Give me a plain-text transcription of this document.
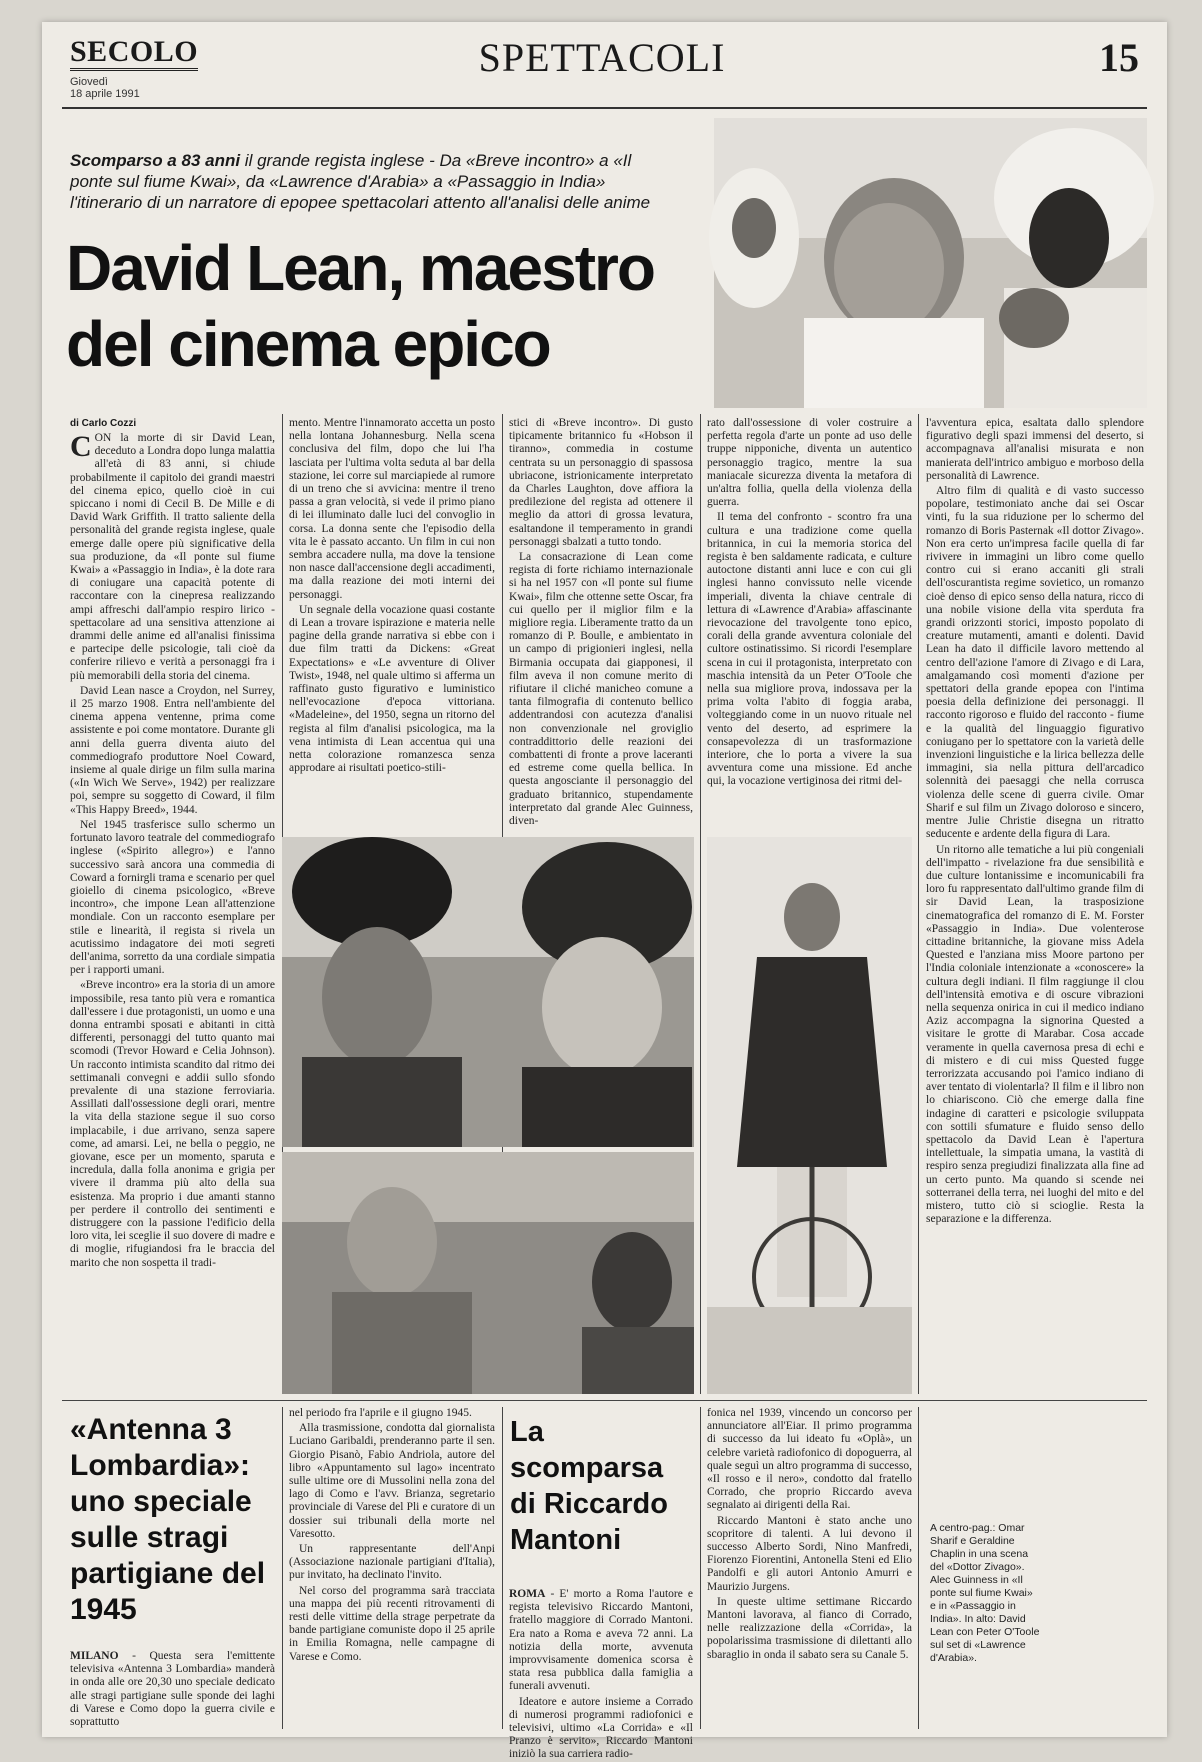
SECOLO
Giovedì
18 aprile 1991
SPETTACOLI	15
Scomparso a 83 anni il grande regista inglese - Da «Breve incontro» a «Il ponte sul fiume Kwai», da «Lawrence d'Arabia» a «Passaggio in India» l'itinerario di un narratore di epopee spettacolari attento all'analisi delle anime
David Lean, maestro
del cinema epico
di Carlo Cozzi

CON la morte di sir David Lean, deceduto a Londra dopo lunga malattia all'età di 83 anni, si chiude probabilmente il capitolo dei grandi maestri del cinema epico, quello cioè in cui spiccano i nomi di Cecil B. De Mille e di David Wark Griffith. Il tratto saliente della personalità del grande regista inglese, quale emerge dalle opere più significative della sua produzione, da «Il ponte sul fiume Kwai» a «Passaggio in India», è la dote rara di coniugare una capacità potente di raccontare con la cinepresa realizzando ampi affreschi dall'ampio respiro lirico - spettacolare ad una sensitiva attenzione ai drammi delle anime ed all'analisi finissima e partecipe delle psicologie, tali cioè da conferire rilievo e verità a personaggi fra i più memorabili della storia del cinema.

David Lean nasce a Croydon, nel Surrey, il 25 marzo 1908. Entra nell'ambiente del cinema appena ventenne, prima come assistente e poi come montatore. Durante gli anni della guerra diventa aiuto del commediografo produttore Noel Coward, insieme al quale dirige un film sulla marina («In Wich We Serve», 1942) per realizzare poi, sempre su soggetto di Coward, il film «This Happy Breed», 1944.

Nel 1945 trasferisce sullo schermo un fortunato lavoro teatrale del commediografo inglese («Spirito allegro») e l'anno successivo sarà ancora una commedia di Coward a fornirgli trama e scenario per quel gioiello di cinema psicologico, «Breve incontro», che impone Lean all'attenzione mondiale. Con un racconto esemplare per stile e linearità, il regista si rivela un acutissimo indagatore dei moti segreti dell'anima, sorretto da una cordiale simpatia per i rapporti umani.

«Breve incontro» era la storia di un amore impossibile, resa tanto più vera e romantica dall'essere i due protagonisti, un uomo e una donna entrambi sposati e abitanti in città differenti, personaggi del tutto quanto mai scomodi (Trevor Howard e Celia Johnson). Un racconto intimista scandito dal ritmo dei settimanali convegni e addii sullo sfondo prevalente di una stazione ferroviaria. Assillati dall'ossessione degli orari, mentre la vita della stazione segue il suo corso implacabile, i due arrivano, senza sapere come, ad amarsi. Lei, ne bella o peggio, ne giovane, esce per un momento, sparuta e incredula, dalla folla anonima e grigia per vivere il dramma più alto della sua esistenza. Ma proprio i due amanti stanno per perdere il controllo dei sentimenti e distruggere con la passione l'edificio della loro vita, lei sceglie il suo dovere di madre e di moglie, rifugiandosi fra le braccia del marito che non sospetta il tradi-

mento. Mentre l'innamorato accetta un posto nella lontana Johannesburg. Nella scena conclusiva del film, dopo che lui l'ha lasciata per l'ultima volta seduta al bar della stazione, lei corre sul marciapiede al rumore di un treno che si avvicina: mentre il treno passa a gran velocità, si vede il primo piano di lei illuminato dalle luci del convoglio in corsa. La donna sente che l'episodio della vita le è passato accanto. Un film in cui non sembra accadere nulla, ma dove la tensione non nasce dall'accensione degli accadimenti, ma dalla reazione dei moti interni dei personaggi.

Un segnale della vocazione quasi costante di Lean a trovare ispirazione e materia nelle pagine della grande narrativa si ebbe con i due film tratti da Dickens: «Great Expectations» e «Le avventure di Oliver Twist», 1948, nel quale ultimo si afferma un raffinato gusto figurativo e luministico nell'evocazione d'epoca vittoriana. «Madeleine», del 1950, segna un ritorno del regista al film d'analisi psicologica, ma la vena intimista di Lean accentua qui una netta colorazione romanzesca senza approdare ai risultati poetico-stili-

stici di «Breve incontro». Di gusto tipicamente britannico fu «Hobson il tiranno», commedia in costume centrata su un personaggio di spassosa ubriacone, istrionicamente interpretato da Charles Laughton, dove affiora la predilezione del regista ad ottenere il meglio da attori di grossa levatura, esaltandone il temperamento in grandi personaggi sbalzati a tutto tondo.

La consacrazione di Lean come regista di forte richiamo internazionale si ha nel 1957 con «Il ponte sul fiume Kwai», film che ottenne sette Oscar, fra cui quello per il miglior film e la migliore regia. Liberamente tratto da un romanzo di P. Boulle, e ambientato in un campo di prigionieri inglesi, nella Birmania occupata dai giapponesi, il film aveva il non comune merito di rifiutare il cliché manicheo comune a tanta filmografia di contenuto bellico addentrandosi con acutezza d'analisi non convenzionale nel groviglio contraddittorio delle reazioni dei combattenti di fronte a prove laceranti ed estreme come quella bellica. In questa angosciante il personaggio del graduato britannico, stupendamente interpretato dal grande Alec Guinness, diven-

rato dall'ossessione di voler costruire a perfetta regola d'arte un ponte ad uso delle truppe nipponiche, diventa un autentico personaggio tragico, mentre la sua maniacale sicurezza diventa la metafora di un'altra follia, quella della violenza della guerra.

Il tema del confronto - scontro fra una cultura e una tradizione come quella britannica, in cui la memoria storica del regista è ben saldamente radicata, e culture autoctone distanti anni luce e con cui gli inglesi hanno convissuto nelle vicende imperiali, diventa la chiave centrale di lettura di «Lawrence d'Arabia» affascinante rievocazione del travolgente tono epico, corali della grande avventura coloniale del cultore ostinatissimo. Si ricordi l'esemplare scena in cui il protagonista, interpretato con maschia intensità da un Peter O'Toole che nella sua migliore prova, indossava per la prima volta l'abito di foggia araba, volteggiando come in un nuovo rituale nel vento del deserto, ad esprimere la consapevolezza di un trasformazione interiore, che lo porta a vivere la sua avventura come una missione. Ed anche qui, la vocazione vertiginosa dei ritmi del-

l'avventura epica, esaltata dallo splendore figurativo degli spazi immensi del deserto, si accompagnava all'analisi misurata e non manierata dell'intrico ambiguo e morboso della personalità di Lawrence.

Altro film di qualità e di vasto successo popolare, testimoniato anche dai sei Oscar vinti, fu la sua riduzione per lo schermo del romanzo di Boris Pasternak «Il dottor Zivago». Non era certo un'impresa facile quella di far rivivere in immagini un libro come quello contro cui si erano accaniti gli strali dell'oscurantista regime sovietico, un romanzo cioè denso di epico senso della natura, ricco di una nobile visione della vita sperduta fra grandi orizzonti storici, imposto popolato di creature mutamenti, amanti e dolenti. David Lean ha dato il difficile lavoro mettendo al centro dell'azione l'amore di Zivago e di Lara, amalgamando così momenti d'azione per spettatori della grande epopea con l'intima poesia della definizione dei personaggi. Il racconto rigoroso e fluido del racconto - fiume e la qualità del linguaggio figurativo coniugano per lo spettatore con la varietà delle invenzioni linguistiche e la lirica bellezza delle immagini, sia nella pittura dell'arcadico solennità dei paesaggi che nella corrusca violenza delle scene di guerra civile. Omar Sharif e sul film un Zivago doloroso e sincero, mentre Julie Christie disegna un ritratto seducente e ardente della figura di Lara.

Un ritorno alle tematiche a lui più congeniali dell'impatto - rivelazione fra due sensibilità e due culture lontanissime e incomunicabili fra loro fu rappresentato dall'ultimo grande film di sir David Lean, la trasposizione cinematografica del romanzo di E. M. Forster «Passaggio in India». Due volenterose cittadine britanniche, la giovane miss Adela Quested e l'anziana miss Moore partono per l'India coloniale intenzionate a «conoscere» la cultura degli indiani. Il film raggiunge il clou dell'intensità emotiva e di oscure vibrazioni nella sequenza onirica in cui il medico indiano Aziz accompagna la signorina Quested a visitare le grotte di Marabar. Cosa accade veramente in quella cavernosa presa di echi e di mistero e di cui miss Quested fugge terrorizzata accusando poi l'amico indiano di aver tentato di violentarla? Il film e il libro non lo chiariscono. Ciò che emerge dalla fine indagine di caratteri e psicologie sviluppata con sottili sfumature e fluido senso dello spettacolo da David Lean è l'apertura intellettuale, la simpatia umana, la vastità di respiro senza pregiudizi finalizzata alla fine ad un certo punto. Ma quando si scende nei sotterranei della terra, nei luoghi del mito e del mistero, tutto ciò si scioglie. Resta la separazione e la differenza.

«Antenna 3 Lombardia»: uno speciale sulle stragi partigiane del 1945

MILANO - Questa sera l'emittente televisiva «Antenna 3 Lombardia» manderà in onda alle ore 20,30 uno speciale dedicato alle stragi partigiane sulle sponde dei laghi di Varese e Como dopo la guerra civile e soprattutto

nel periodo fra l'aprile e il giugno 1945.

Alla trasmissione, condotta dal giornalista Luciano Garibaldi, prenderanno parte il sen. Giorgio Pisanò, Fabio Andriola, autore del libro «Appuntamento sul lago» incentrato sulle ultime ore di Mussolini nella zona del lago di Como e l'avv. Brianza, segretario provinciale di Varese del Pli e curatore di un dossier sui tribunali della morte nel Varesotto.

Un rappresentante dell'Anpi (Associazione nazionale partigiani d'Italia), pur invitato, ha declinato l'invito.

Nel corso del programma sarà tracciata una mappa dei più recenti ritrovamenti di resti delle vittime della strage perpetrate da bande partigiane comuniste dopo il 25 aprile in Emilia Romagna, nelle campagne di Varese e Como.

La scomparsa di Riccardo Mantoni

ROMA - E' morto a Roma l'autore e regista televisivo Riccardo Mantoni, fratello maggiore di Corrado Mantoni. Era nato a Roma e aveva 72 anni. La notizia della morte, avvenuta improvvisamente domenica scorsa è stata resa pubblica dalla famiglia a funerali avvenuti.

Ideatore e autore insieme a Corrado di numerosi programmi radiofonici e televisivi, ultimo «La Corrida» e «Il Pranzo è servito», Riccardo Mantoni iniziò la sua carriera radio-

fonica nel 1939, vincendo un concorso per annunciatore all'Eiar. Il primo programma di successo da lui ideato fu «Oplà», un celebre varietà radiofonico di dopoguerra, al quale seguì un altro programma di successo, «Il rosso e il nero», condotto dal fratello Corrado, che proprio Riccardo aveva segnalato ai dirigenti della Rai.

Riccardo Mantoni è stato anche uno scopritore di talenti. A lui devono il successo Alberto Sordi, Nino Manfredi, Fiorenzo Fiorentini, Antonella Steni ed Elio Pandolfi e gli autori Antonio Amurri e Maurizio Jurgens.

In queste ultime settimane Riccardo Mantoni lavorava, al fianco di Corrado, nelle realizzazione della «Corrida», la popolarissima trasmissione di dilettanti allo sbaraglio in onda il sabato sera su Canale 5.

A centro-pag.: Omar Sharif e Geraldine Chaplin in una scena del «Dottor Zivago». Alec Guinness in «Il ponte sul fiume Kwai» e in «Passaggio in India». In alto: David Lean con Peter O'Toole sul set di «Lawrence d'Arabia».
